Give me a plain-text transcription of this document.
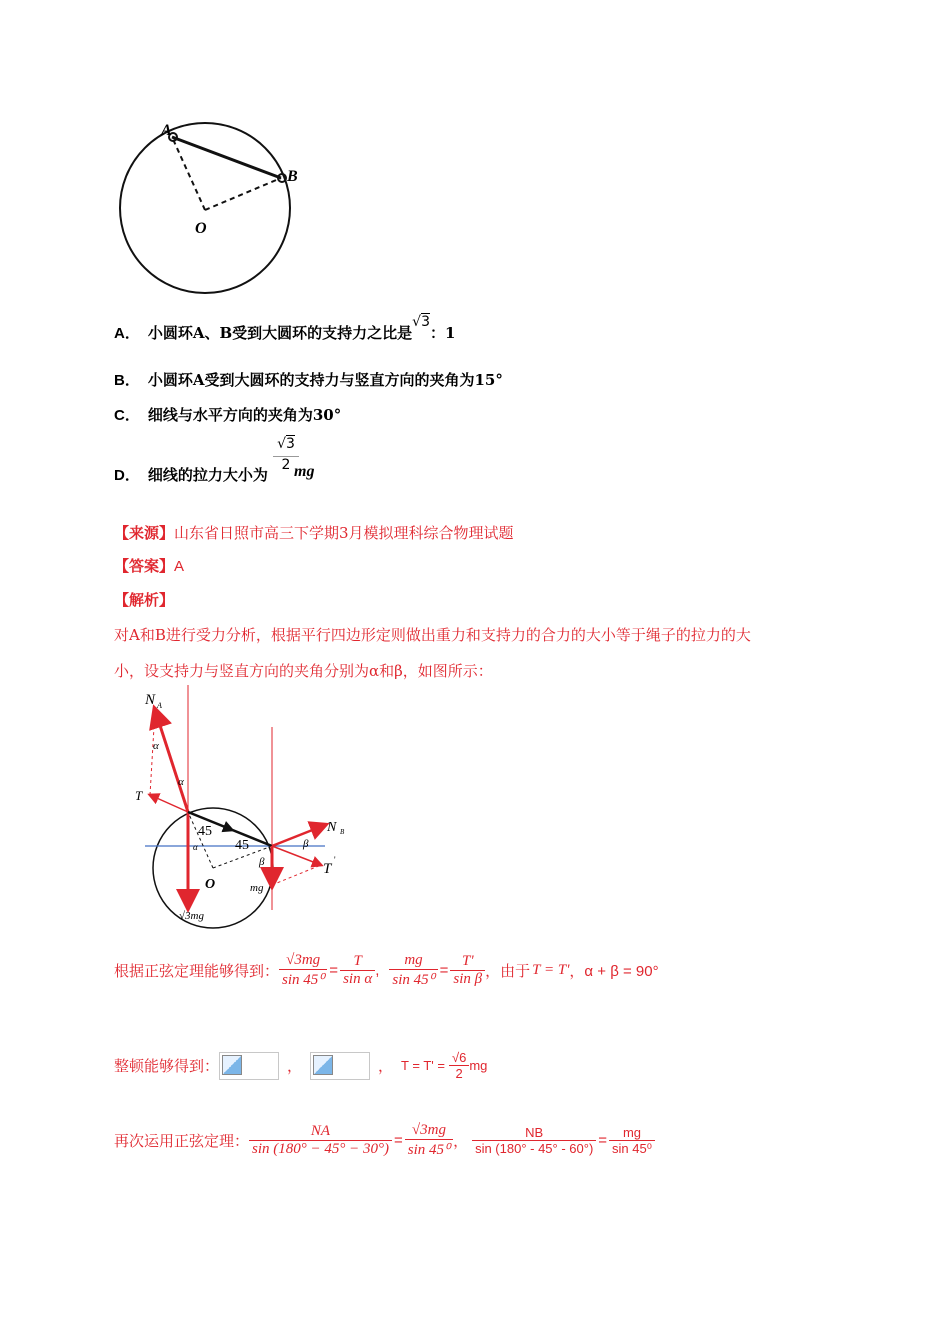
A
B
O
A． 小圆环A、B受到大圆环的支持力之比是√3：1
B． 小圆环A受到大圆环的支持力与竖直方向的夹角为15°
C． 细线与水平方向的夹角为30°
D． 细线的拉力大小为
√3
2 mg
【来源】山东省日照市高三下学期3月模拟理科综合物理试题
【答案】A
【解析】
对A和B进行受力分析，根据平行四边形定则做出重力和支持力的合力的大小等于绳子的拉力的大
小，设支持力与竖直方向的夹角分别为α和β，如图所示：
N A
T
α
α
α
45
45
N B
β
β	T
'
O	mg
√3mg
根据正弦定理能够得到： $\frac{√3mg}{\text{sin 45⁰}} = \frac{T}{\text{sin α}}$ , $\frac{mg}{\text{sin 45⁰}} = \frac{T'}{\text{sin β}}$ ，由于 T = T' ，α + β = 90°
整顿能够得到：	，	， $T = T' = \frac{√6}{2}$ mg
再次运用正弦定理： $\frac{NA}{\sin (180^\circ - 45^\circ - 30^\circ)} = \frac{√3mg}{\text{sin 45⁰}}$ ， $\frac{NB}{\sin (180^\circ - 45^\circ - 60^\circ)} = \frac{mg}{\text{sin 45⁰}}$
